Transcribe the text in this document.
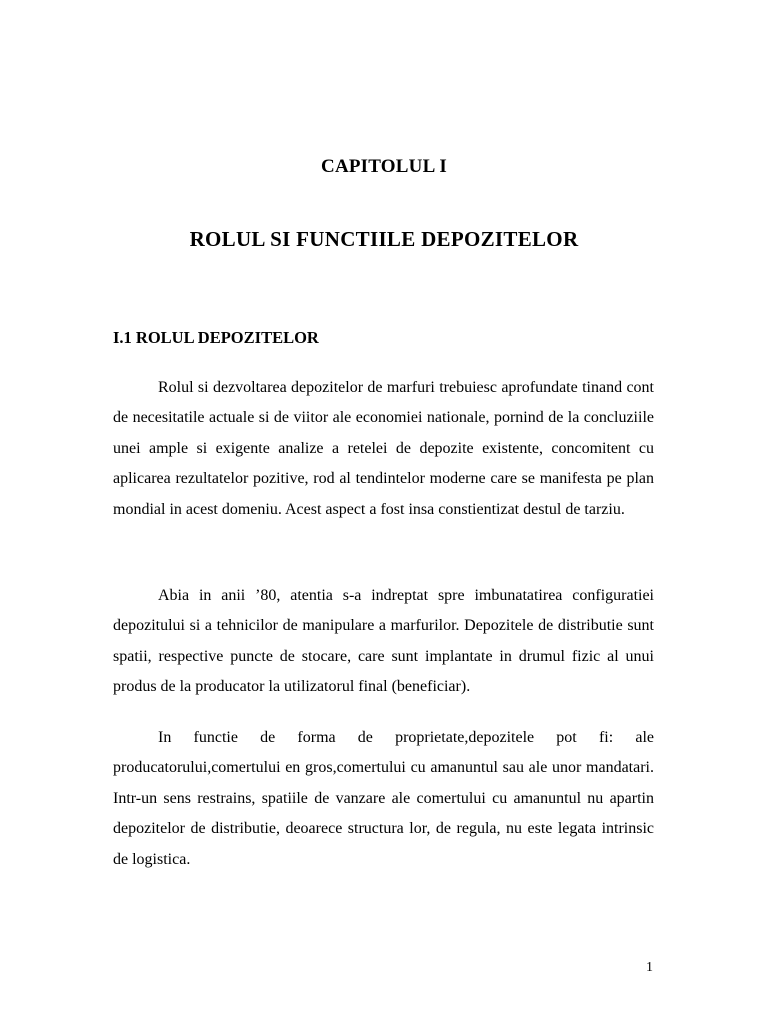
CAPITOLUL I
ROLUL SI FUNCTIILE DEPOZITELOR
I.1 ROLUL DEPOZITELOR

Rolul si dezvoltarea depozitelor de marfuri trebuiesc aprofundate tinand cont de necesitatile actuale si de viitor ale economiei nationale, pornind de la concluziile unei ample si exigente analize a retelei de depozite existente, concomitent cu aplicarea rezultatelor pozitive, rod al tendintelor moderne care se manifesta pe plan mondial in acest domeniu. Acest aspect a fost insa constientizat destul de tarziu.

Abia in anii ’80, atentia s-a indreptat spre imbunatatirea configuratiei depozitului si a tehnicilor de manipulare a marfurilor. Depozitele de distributie sunt spatii, respective puncte de stocare, care sunt implantate in drumul fizic al unui produs de la producator la utilizatorul final (beneficiar).

In functie de forma de proprietate,depozitele pot fi: ale producatorului,comertului en gros,comertului cu amanuntul sau ale unor mandatari. Intr-un sens restrains, spatiile de vanzare ale comertului cu amanuntul nu apartin depozitelor de distributie, deoarece structura lor, de regula, nu este legata intrinsic de logistica.

1
